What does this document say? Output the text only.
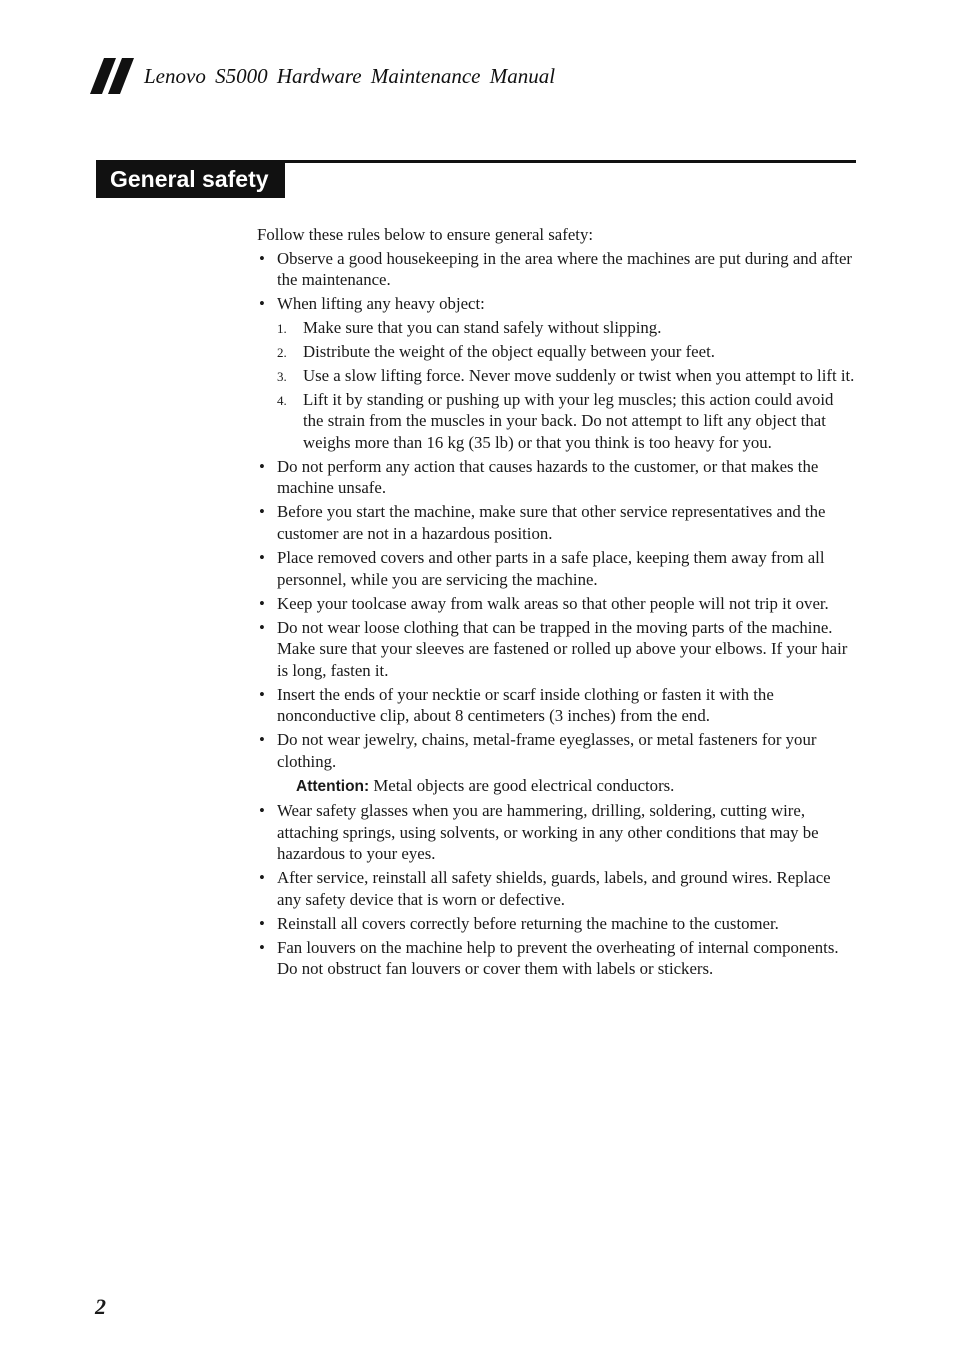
Lenovo S5000 Hardware Maintenance Manual
General safety

Follow these rules below to ensure general safety:

• Observe a good housekeeping in the area where the machines are put during and after the maintenance.
• When lifting any heavy object:
1. Make sure that you can stand safely without slipping.
2. Distribute the weight of the object equally between your feet.
3. Use a slow lifting force. Never move suddenly or twist when you attempt to lift it.
4. Lift it by standing or pushing up with your leg muscles; this action could avoid the strain from the muscles in your back. Do not attempt to lift any object that weighs more than 16 kg (35 lb) or that you think is too heavy for you.
• Do not perform any action that causes hazards to the customer, or that makes the machine unsafe.
• Before you start the machine, make sure that other service representatives and the customer are not in a hazardous position.
• Place removed covers and other parts in a safe place, keeping them away from all personnel, while you are servicing the machine.
• Keep your toolcase away from walk areas so that other people will not trip it over.
• Do not wear loose clothing that can be trapped in the moving parts of the machine. Make sure that your sleeves are fastened or rolled up above your elbows. If your hair is long, fasten it.
• Insert the ends of your necktie or scarf inside clothing or fasten it with the nonconductive clip, about 8 centimeters (3 inches) from the end.
• Do not wear jewelry, chains, metal-frame eyeglasses, or metal fasteners for your clothing.

Attention: Metal objects are good electrical conductors.

• Wear safety glasses when you are hammering, drilling, soldering, cutting wire, attaching springs, using solvents, or working in any other conditions that may be hazardous to your eyes.
• After service, reinstall all safety shields, guards, labels, and ground wires. Replace any safety device that is worn or defective.
• Reinstall all covers correctly before returning the machine to the customer.
• Fan louvers on the machine help to prevent the overheating of internal components. Do not obstruct fan louvers or cover them with labels or stickers.
2
